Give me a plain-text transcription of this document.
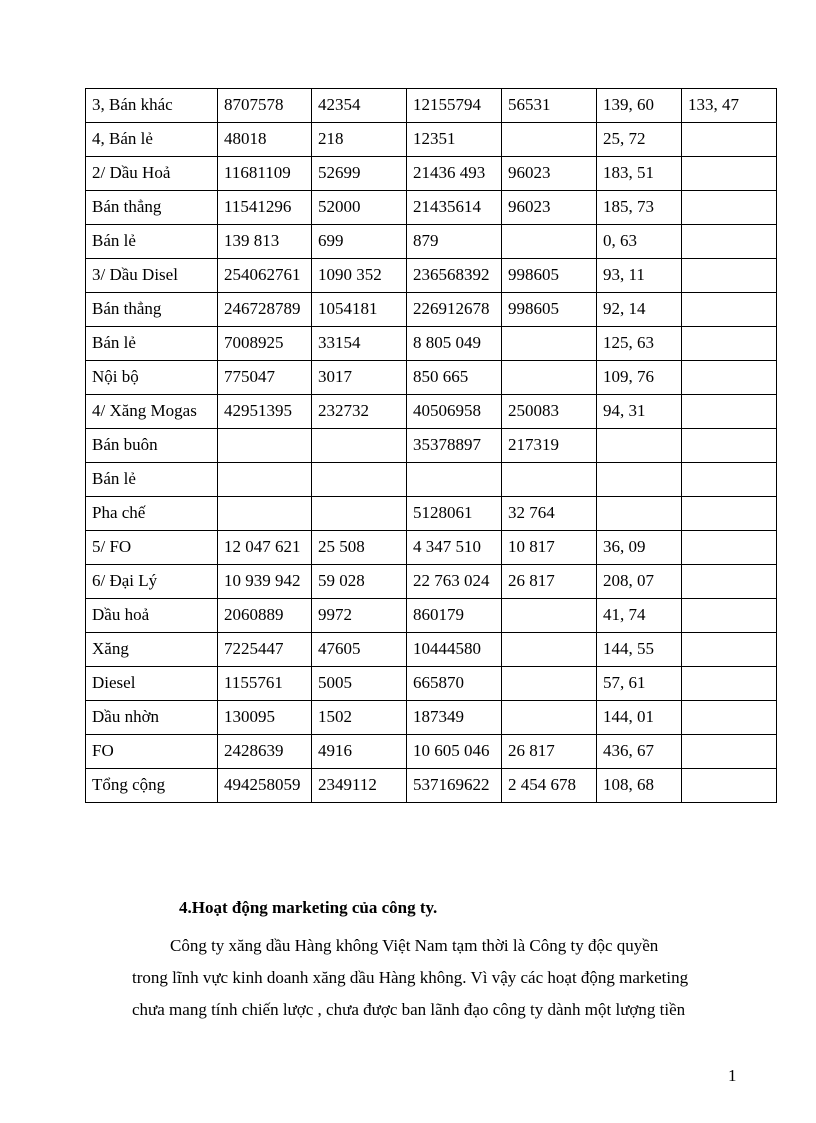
3, Bán khác	8707578	42354	12155794	56531	139, 60	133, 47
4, Bán lẻ	48018	218	12351		25, 72	
2/ Dầu Hoả	11681109	52699	21436 493	96023	183, 51	
Bán thẳng	11541296	52000	21435614	96023	185, 73	
Bán lẻ	139 813	699	879		0, 63	
3/ Dầu Disel	254062761	1090 352	236568392	998605	93, 11	
Bán thẳng	246728789	1054181	226912678	998605	92, 14	
Bán lẻ	7008925	33154	8 805 049		125, 63	
Nội bộ	775047	3017	850 665		109, 76	
4/ Xăng Mogas	42951395	232732	40506958	250083	94, 31	
Bán buôn			35378897	217319		
Bán lẻ						
Pha chế			5128061	32 764		
5/ FO	12 047 621	25 508	4 347 510	10 817	36, 09	
6/ Đại Lý	10 939 942	59 028	22 763 024	26 817	208, 07	
Dầu hoả	2060889	9972	860179		41, 74	
Xăng	7225447	47605	10444580		144, 55	
Diesel	1155761	5005	665870		57, 61	
Dầu nhờn	130095	1502	187349		144, 01	
FO	2428639	4916	10 605 046	26 817	436, 67	
Tổng cộng	494258059	2349112	537169622	2 454 678	108, 68	
4.Hoạt động marketing của công ty.
Công ty xăng dầu Hàng không Việt Nam tạm thời là Công ty độc quyền
trong lĩnh vực kinh doanh xăng dầu Hàng không. Vì vậy các hoạt động marketing
chưa mang tính chiến lược , chưa được ban lãnh đạo công ty dành một lượng tiền
1
